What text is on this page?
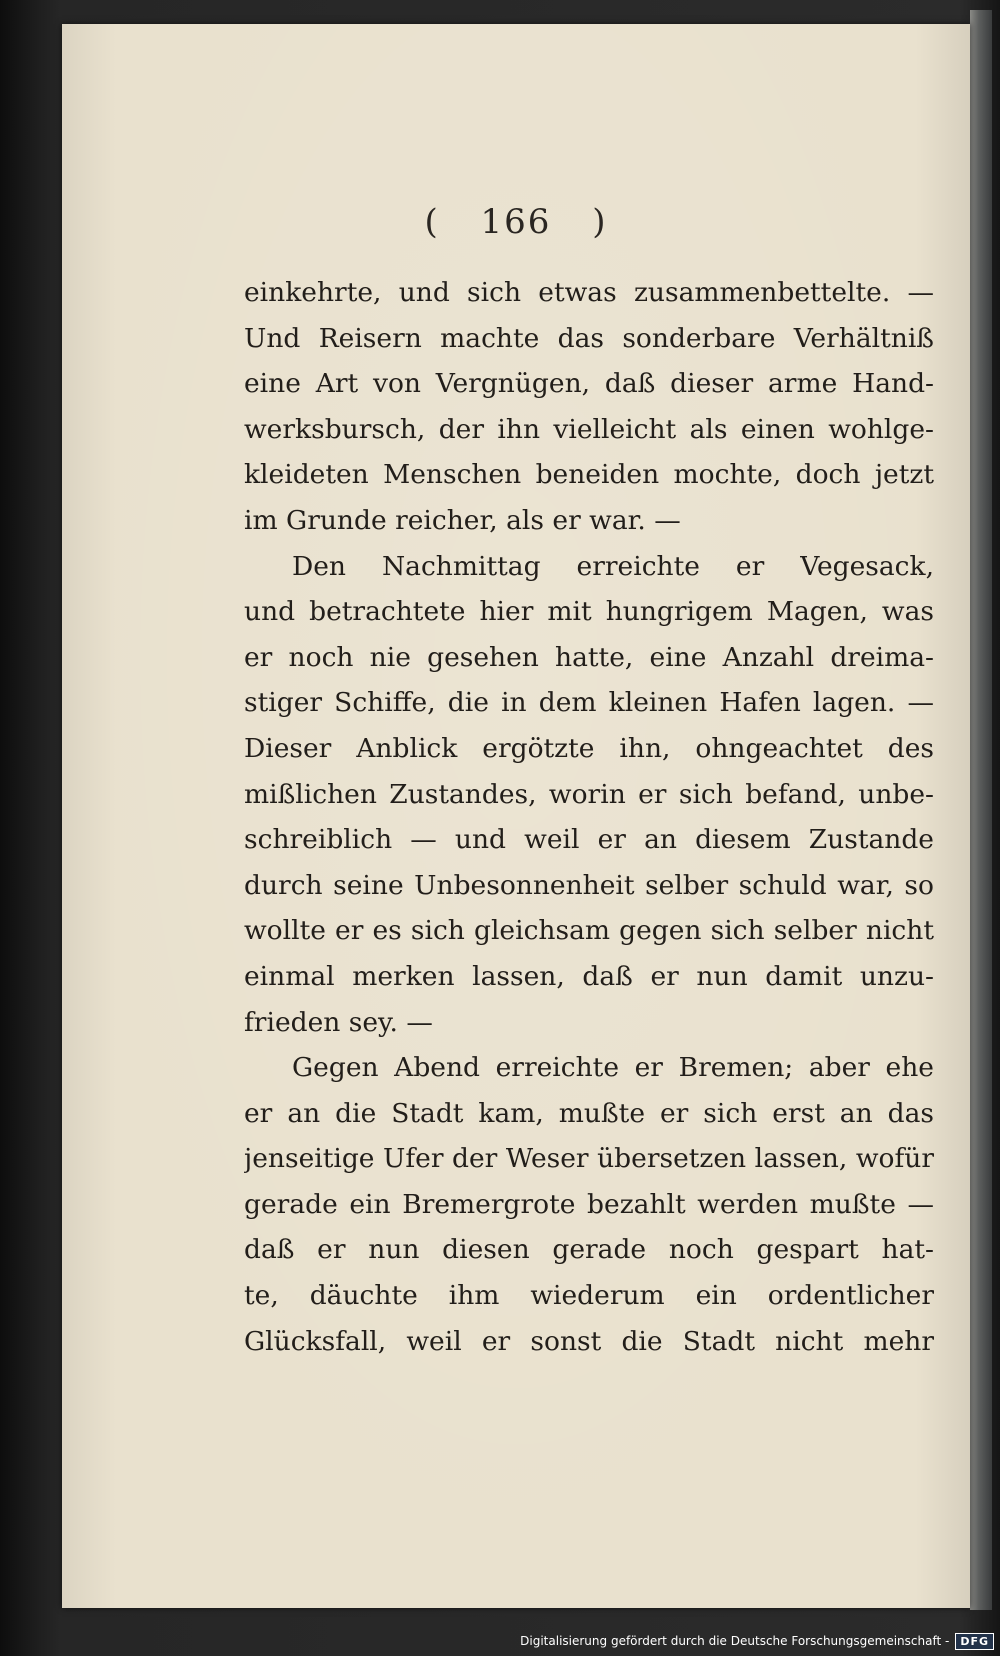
( 166 )
einkehrte, und sich etwas zusammenbettelte. —
Und Reisern machte das sonderbare Verhältniß
eine Art von Vergnügen, daß dieser arme Hand-
werksbursch, der ihn vielleicht als einen wohlge-
kleideten Menschen beneiden mochte, doch jetzt
im Grunde reicher, als er war. —
Den Nachmittag erreichte er Vegesack,
und betrachtete hier mit hungrigem Magen, was
er noch nie gesehen hatte, eine Anzahl dreima-
stiger Schiffe, die in dem kleinen Hafen lagen. —
Dieser Anblick ergötzte ihn, ohngeachtet des
mißlichen Zustandes, worin er sich befand, unbe-
schreiblich — und weil er an diesem Zustande
durch seine Unbesonnenheit selber schuld war, so
wollte er es sich gleichsam gegen sich selber nicht
einmal merken lassen, daß er nun damit unzu-
frieden sey. —
Gegen Abend erreichte er Bremen; aber ehe
er an die Stadt kam, mußte er sich erst an das
jenseitige Ufer der Weser übersetzen lassen, wofür
gerade ein Bremergrote bezahlt werden mußte —
daß er nun diesen gerade noch gespart hat-
te, däuchte ihm wiederum ein ordentlicher
Glücksfall, weil er sonst die Stadt nicht mehr
Digitalisierung gefördert durch die Deutsche Forschungsgemeinschaft -	DFG
